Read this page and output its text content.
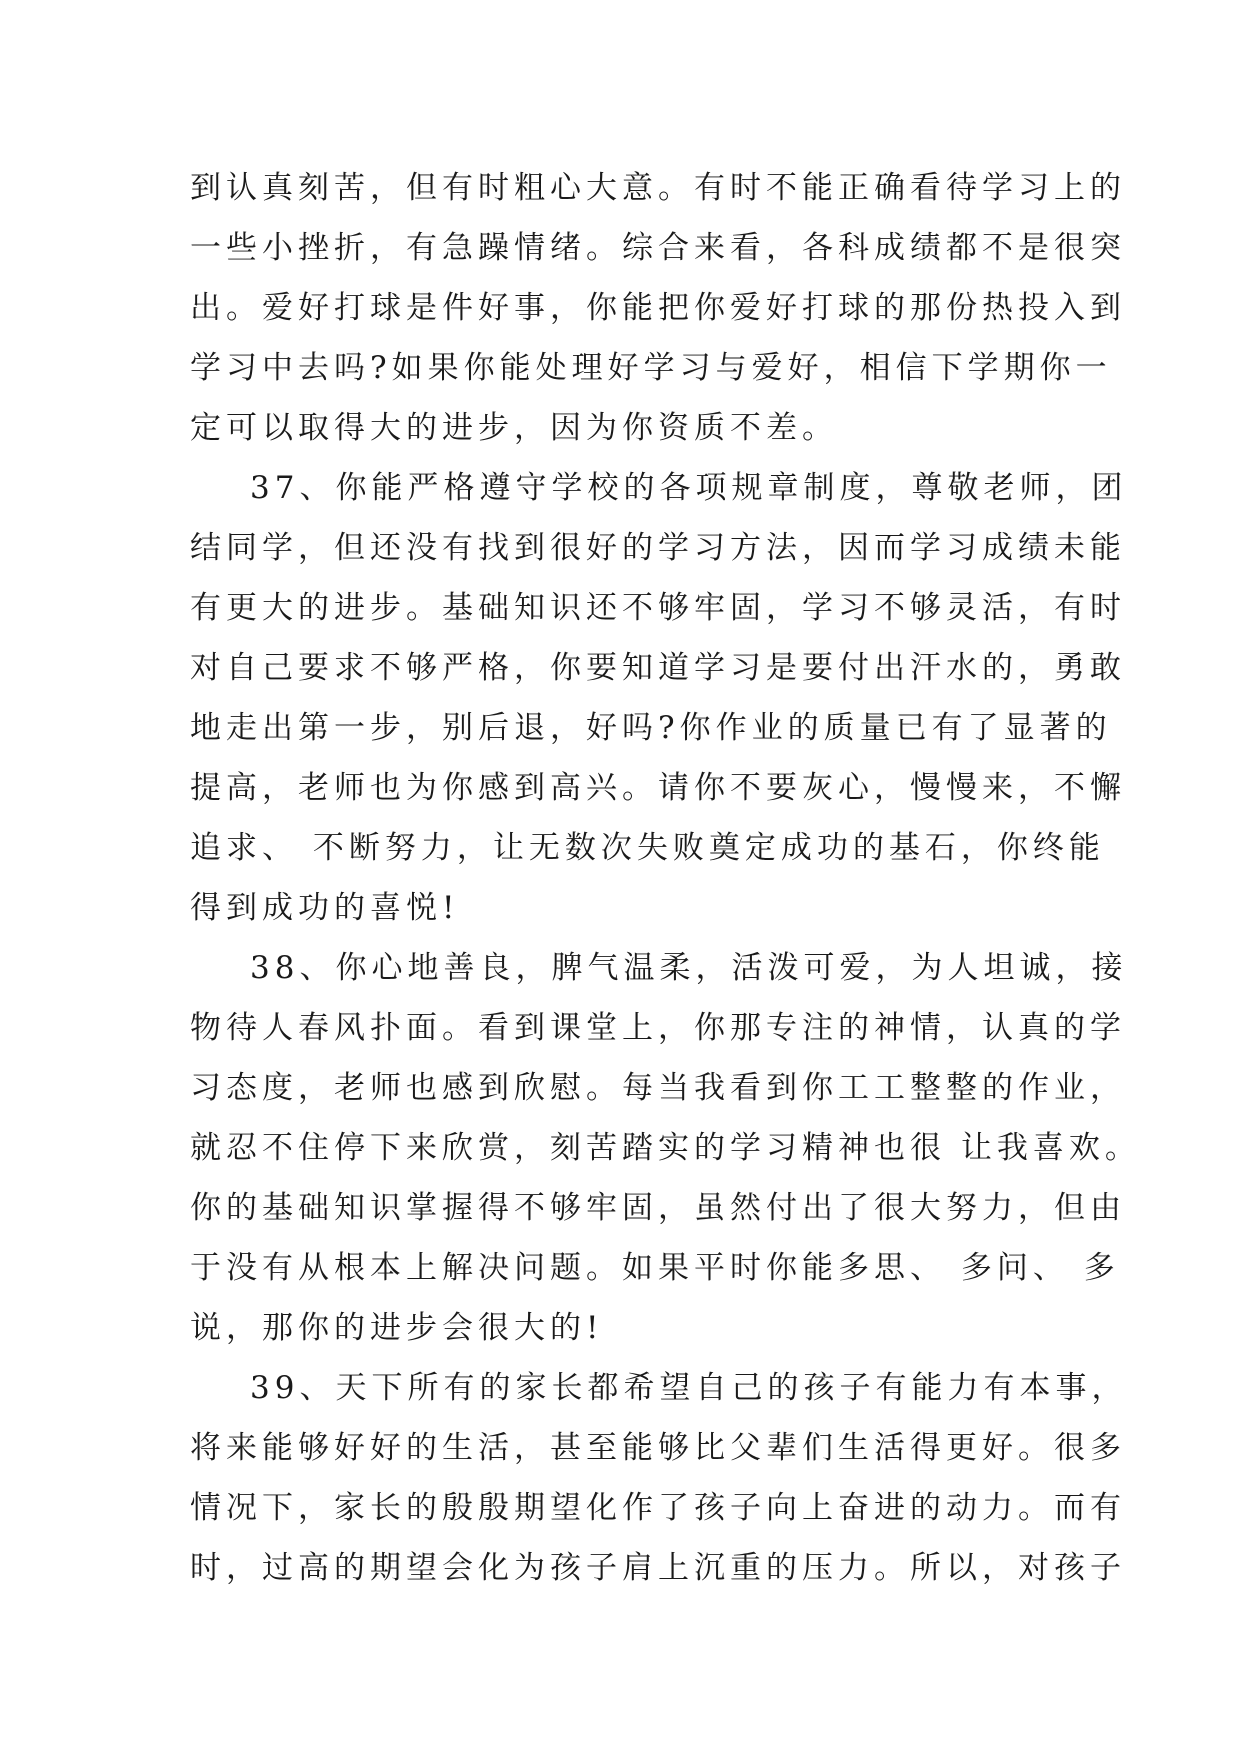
到认真刻苦，但有时粗心大意。有时不能正确看待学习上的
一些小挫折，有急躁情绪。综合来看，各科成绩都不是很突
出。爱好打球是件好事，你能把你爱好打球的那份热投入到
学习中去吗?如果你能处理好学习与爱好，相信下学期你一
定可以取得大的进步，因为你资质不差。
37、你能严格遵守学校的各项规章制度，尊敬老师，团
结同学，但还没有找到很好的学习方法，因而学习成绩未能
有更大的进步。基础知识还不够牢固，学习不够灵活，有时
对自己要求不够严格，你要知道学习是要付出汗水的，勇敢
地走出第一步，别后退，好吗?你作业的质量已有了显著的
提高，老师也为你感到高兴。请你不要灰心，慢慢来，不懈
追求、 不断努力，让无数次失败奠定成功的基石，你终能
得到成功的喜悦!
38、你心地善良，脾气温柔，活泼可爱，为人坦诚，接
物待人春风扑面。看到课堂上，你那专注的神情，认真的学
习态度，老师也感到欣慰。每当我看到你工工整整的作业，
就忍不住停下来欣赏，刻苦踏实的学习精神也很 让我喜欢。
你的基础知识掌握得不够牢固，虽然付出了很大努力，但由
于没有从根本上解决问题。如果平时你能多思、 多问、 多
说，那你的进步会很大的!
39、天下所有的家长都希望自己的孩子有能力有本事，
将来能够好好的生活，甚至能够比父辈们生活得更好。很多
情况下，家长的殷殷期望化作了孩子向上奋进的动力。而有
时，过高的期望会化为孩子肩上沉重的压力。所以，对孩子
